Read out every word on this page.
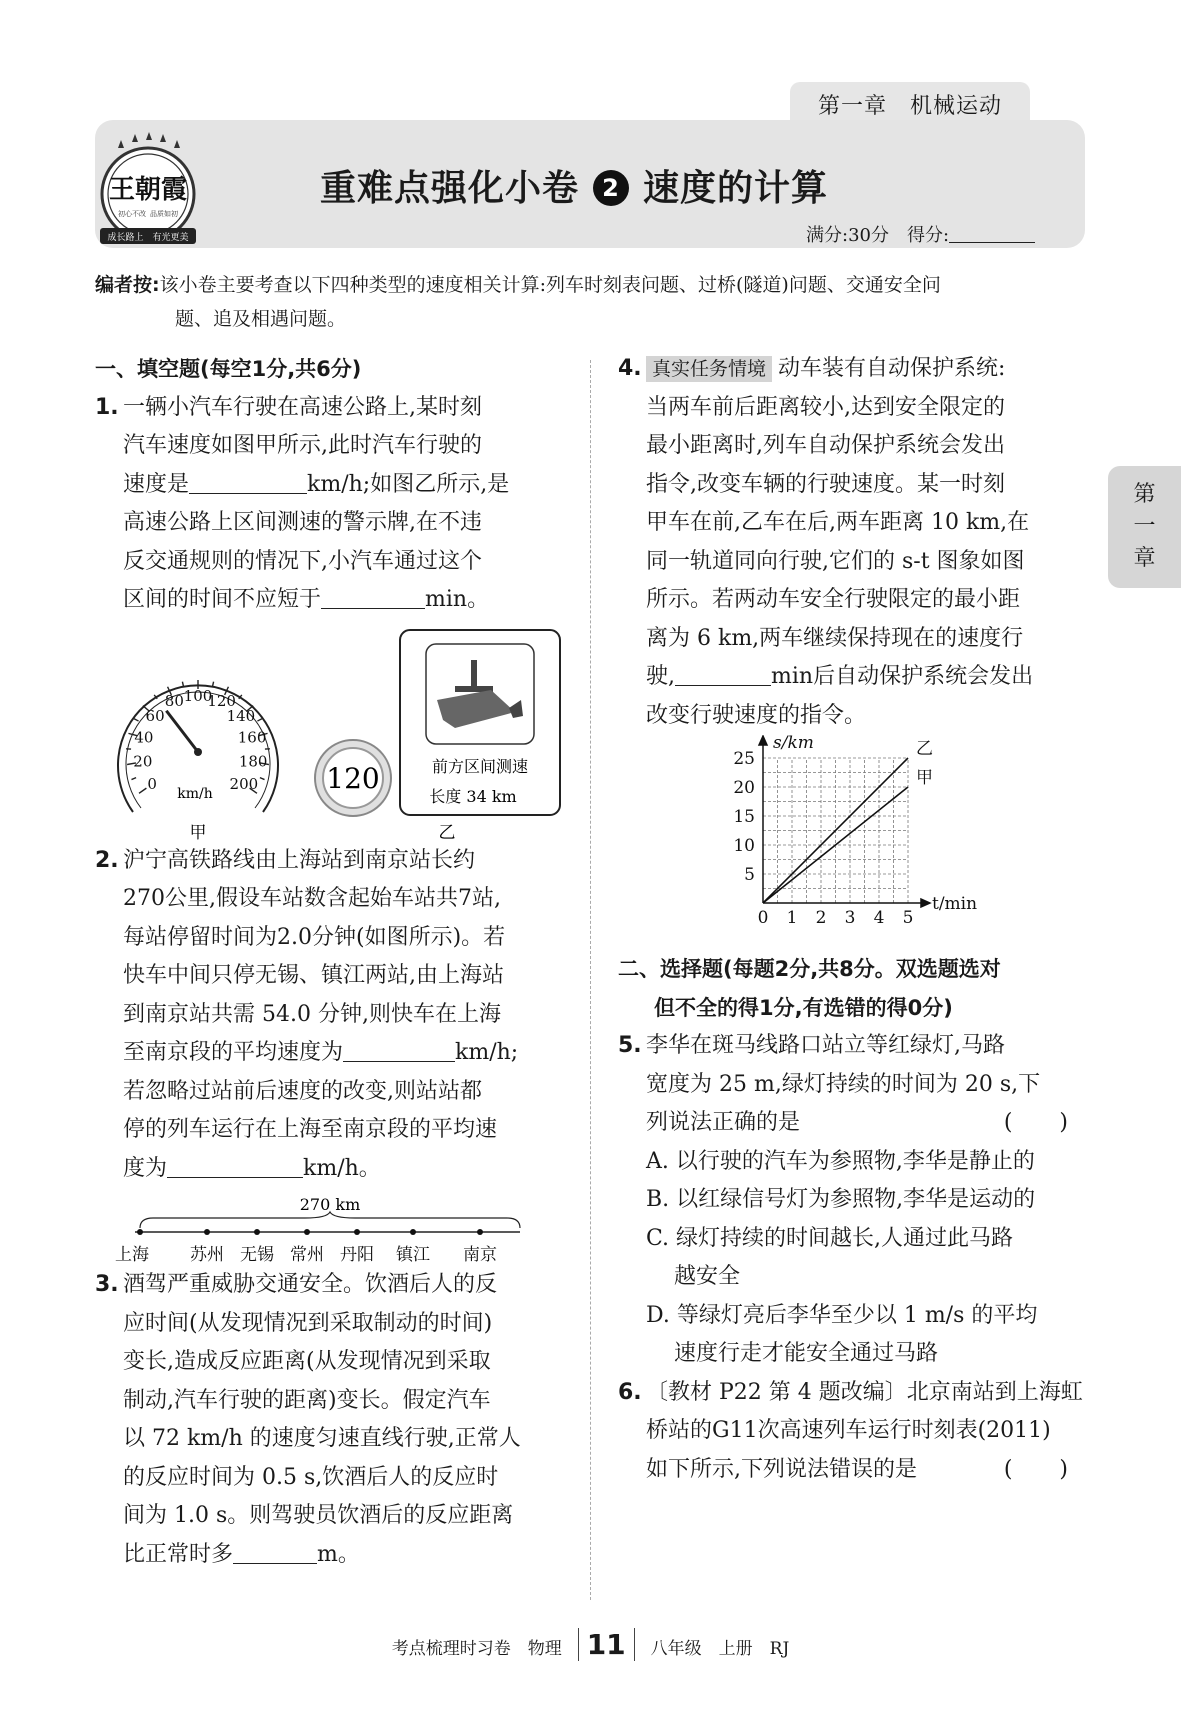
第一章　机械运动
王朝霞
初心不改 品质如初
成长路上　有光更美
重难点强化小卷 2 速度的计算
满分:30分　得分:
编者按:该小卷主要考查以下四种类型的速度相关计算:列车时刻表问题、过桥(隧道)问题、交通安全问
题、追及相遇问题。
第
一
章
一、填空题(每空1分,共6分)
1. 一辆小汽车行驶在高速公路上,某时刻
汽车速度如图甲所示,此时汽车行驶的
速度是	km/h;如图乙所示,是
高速公路上区间测速的警示牌,在不违
反交通规则的情况下,小汽车通过这个
区间的时间不应短于	min。
0
20
40
60
80 100
120
140
160
180
200
km/h
甲
120	前方区间测速
长度 34 km
乙
2. 沪宁高铁路线由上海站到南京站长约
270公里,假设车站数含起始车站共7站,
每站停留时间为2.0分钟(如图所示)。若
快车中间只停无锡、镇江两站,由上海站
到南京站共需 54.0 分钟,则快车在上海
至南京段的平均速度为	km/h;
若忽略过站前后速度的改变,则站站都
停的列车运行在上海至南京段的平均速
度为	km/h。
270 km
上海 苏州 无锡 常州 丹阳 镇江 南京
3. 酒驾严重威胁交通安全。饮酒后人的反
应时间(从发现情况到采取制动的时间)
变长,造成反应距离(从发现情况到采取
制动,汽车行驶的距离)变长。假定汽车
以 72 km/h 的速度匀速直线行驶,正常人
的反应时间为 0.5 s,饮酒后人的反应时
间为 1.0 s。则驾驶员饮酒后的反应距离
比正常时多	m。
4. 真实任务情境 动车装有自动保护系统:
当两车前后距离较小,达到安全限定的
最小距离时,列车自动保护系统会发出
指令,改变车辆的行驶速度。某一时刻
甲车在前,乙车在后,两车距离 10 km,在
同一轨道同向行驶,它们的 s-t 图象如图
所示。若两动车安全行驶限定的最小距
离为 6 km,两车继续保持现在的速度行
驶,	min后自动保护系统会发出
改变行驶速度的指令。
0 1 2 3 4 5
5
10
15
20
25
t/min
s/km	乙
甲
二、选择题(每题2分,共8分。双选题选对
但不全的得1分,有选错的得0分)
5. 李华在斑马线路口站立等红绿灯,马路
宽度为 25 m,绿灯持续的时间为 20 s,下
列说法正确的是	( )
A. 以行驶的汽车为参照物,李华是静止的
B. 以红绿信号灯为参照物,李华是运动的
C. 绿灯持续的时间越长,人通过此马路
越安全
D. 等绿灯亮后李华至少以 1 m/s 的平均
速度行走才能安全通过马路
6. 〔教材 P22 第 4 题改编〕北京南站到上海虹
桥站的G11次高速列车运行时刻表(2011)
如下所示,下列说法错误的是	( )
考点梳理时习卷　物理 11 八年级　上册　RJ
